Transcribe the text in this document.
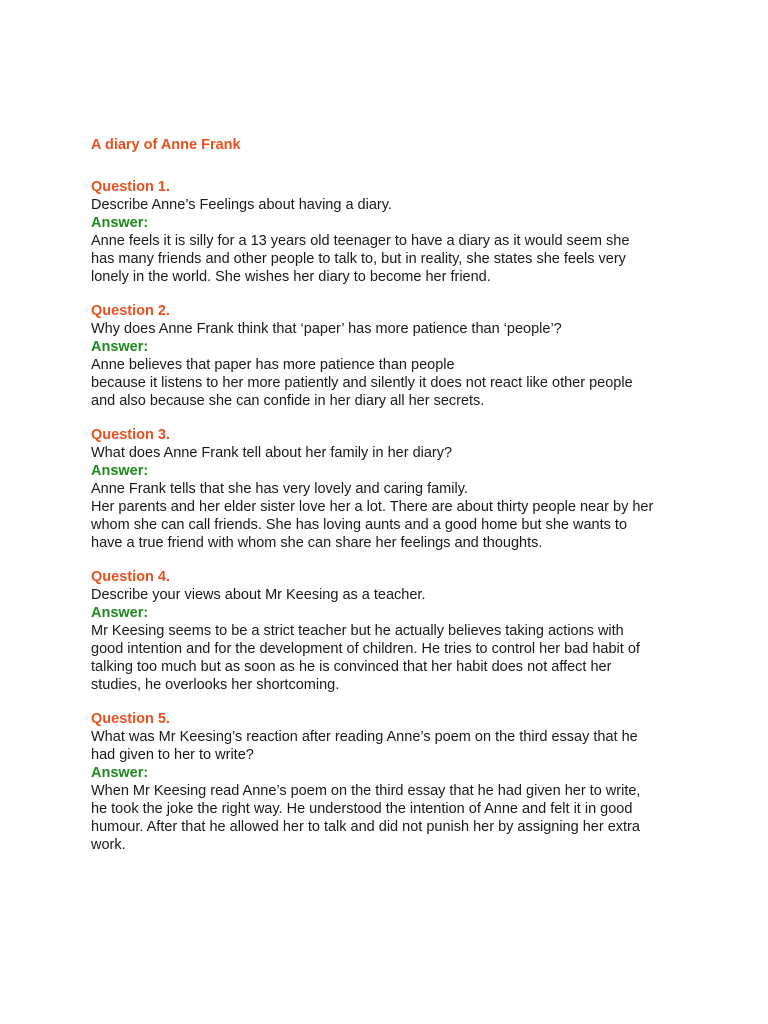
A diary of Anne Frank

Question 1.

Describe Anne’s Feelings about having a diary.

Answer:

Anne feels it is silly for a 13 years old teenager to have a diary as it would seem she

has many friends and other people to talk to, but in reality, she states she feels very

lonely in the world. She wishes her diary to become her friend.

Question 2.

Why does Anne Frank think that ‘paper’ has more patience than ‘people’?

Answer:

Anne believes that paper has more patience than people

because it listens to her more patiently and silently it does not react like other people

and also because she can confide in her diary all her secrets.

Question 3.

What does Anne Frank tell about her family in her diary?

Answer:

Anne Frank tells that she has very lovely and caring family.

Her parents and her elder sister love her a lot. There are about thirty people near by her

whom she can call friends. She has loving aunts and a good home but she wants to

have a true friend with whom she can share her feelings and thoughts.

Question 4.

Describe your views about Mr Keesing as a teacher.

Answer:

Mr Keesing seems to be a strict teacher but he actually believes taking actions with

good intention and for the development of children. He tries to control her bad habit of

talking too much but as soon as he is convinced that her habit does not affect her

studies, he overlooks her shortcoming.

Question 5.

What was Mr Keesing’s reaction after reading Anne’s poem on the third essay that he

had given to her to write?

Answer:

When Mr Keesing read Anne’s poem on the third essay that he had given her to write,

he took the joke the right way. He understood the intention of Anne and felt it in good

humour. After that he allowed her to talk and did not punish her by assigning her extra

work.
